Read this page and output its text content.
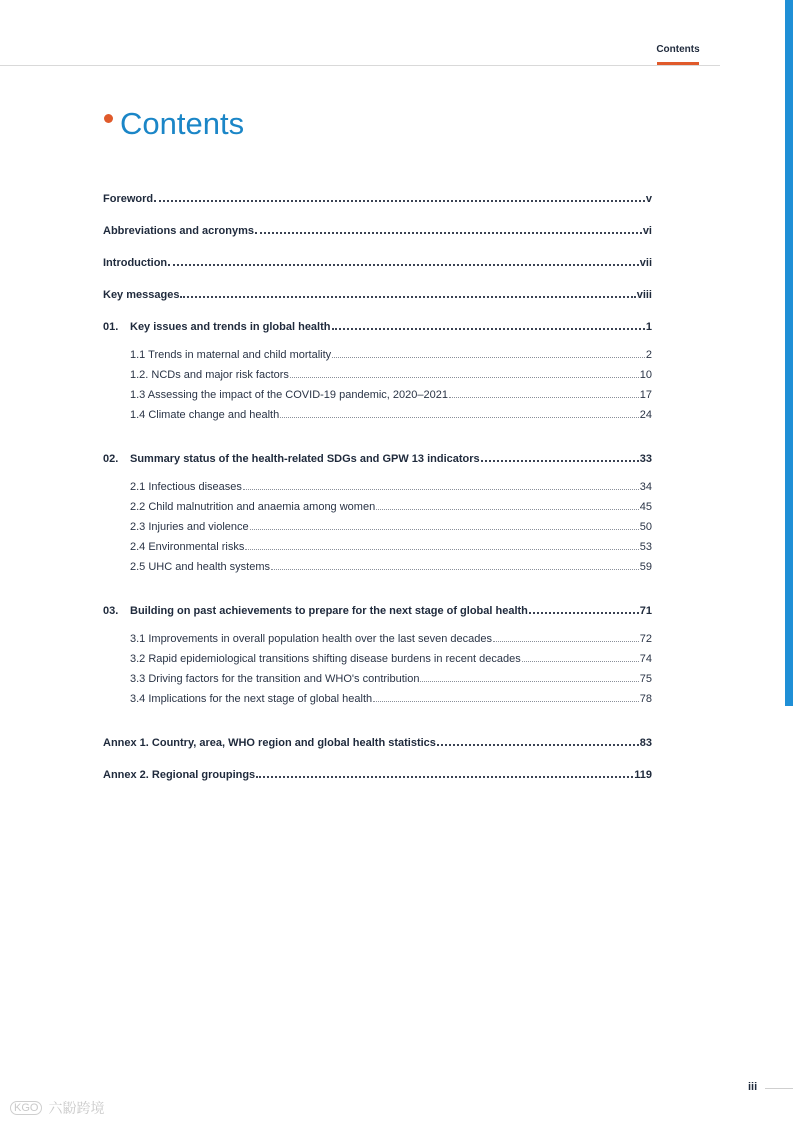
Contents
Contents
Foreword	v
Abbreviations and acronyms	vi
Introduction	vii
Key messages	viii
01.	Key issues and trends in global health	1
1.1 Trends in maternal and child mortality	2
1.2. NCDs and major risk factors	10
1.3 Assessing the impact of the COVID-19 pandemic, 2020–2021	17
1.4 Climate change and health	24
02.	Summary status of the health-related SDGs and GPW 13 indicators	33
2.1 Infectious diseases	34
2.2 Child malnutrition and anaemia among women	45
2.3 Injuries and violence	50
2.4 Environmental risks	53
2.5 UHC and health systems	59
03.	Building on past achievements to prepare for the next stage of global health	71
3.1 Improvements in overall population health over the last seven decades	72
3.2 Rapid epidemiological transitions shifting disease burdens in recent decades	74
3.3 Driving factors for the transition and WHO's contribution	75
3.4 Implications for the next stage of global health	78
Annex 1. Country, area, WHO region and global health statistics	83
Annex 2. Regional groupings	119
iii
KGO 六鼢跨境
